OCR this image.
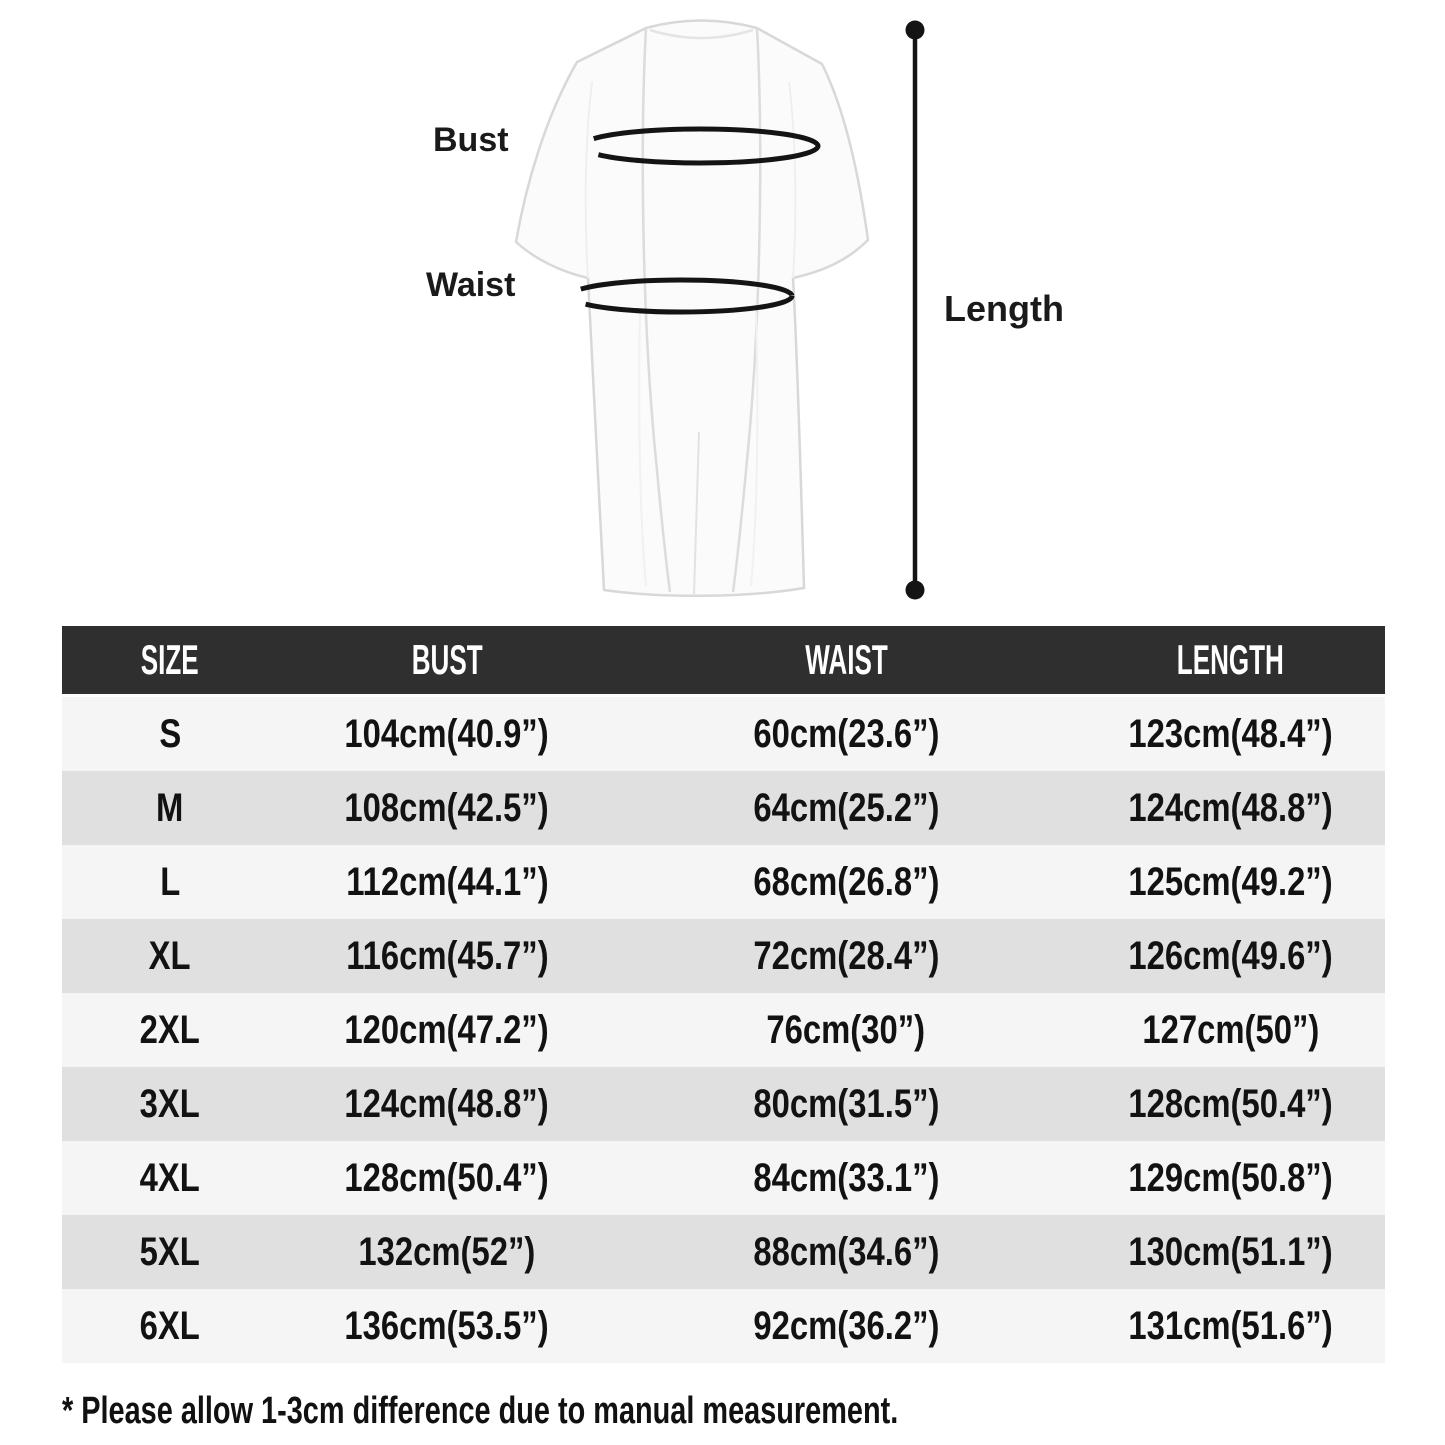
Bust
Waist
Length
SIZE	BUST	WAIST	LENGTH
S	104cm(40.9”)	60cm(23.6”)	123cm(48.4”)
M	108cm(42.5”)	64cm(25.2”)	124cm(48.8”)
L	112cm(44.1”)	68cm(26.8”)	125cm(49.2”)
XL	116cm(45.7”)	72cm(28.4”)	126cm(49.6”)
2XL	120cm(47.2”)	76cm(30”)	127cm(50”)
3XL	124cm(48.8”)	80cm(31.5”)	128cm(50.4”)
4XL	128cm(50.4”)	84cm(33.1”)	129cm(50.8”)
5XL	132cm(52”)	88cm(34.6”)	130cm(51.1”)
6XL	136cm(53.5”)	92cm(36.2”)	131cm(51.6”)
* Please allow 1-3cm difference due to manual measurement.
